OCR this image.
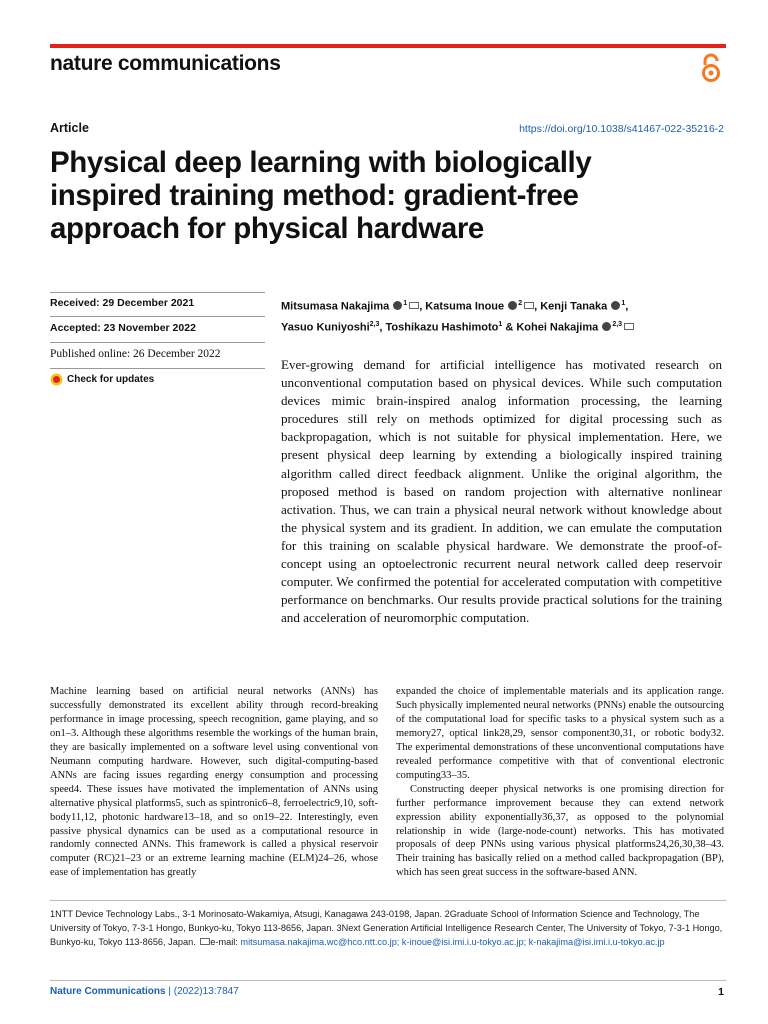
nature communications
Article	https://doi.org/10.1038/s41467-022-35216-2
Physical deep learning with biologically inspired training method: gradient-free approach for physical hardware
Received: 29 December 2021
Accepted: 23 November 2022
Published online: 26 December 2022
Check for updates
Mitsumasa Nakajima $^1$ , Katsuma Inoue $^2$ , Kenji Tanaka $^1$,
Yasuo Kuniyoshi$^{2,3}$, Toshikazu Hashimoto$^1$ & Kohei Nakajima $^{2,3}$

Ever-growing demand for artificial intelligence has motivated research on unconventional computation based on physical devices. While such computation devices mimic brain-inspired analog information processing, the learning procedures still rely on methods optimized for digital processing such as backpropagation, which is not suitable for physical implementation. Here, we present physical deep learning by extending a biologically inspired training algorithm called direct feedback alignment. Unlike the original algorithm, the proposed method is based on random projection with alternative nonlinear activation. Thus, we can train a physical neural network without knowledge about the physical system and its gradient. In addition, we can emulate the computation for this training on scalable physical hardware. We demonstrate the proof-of-concept using an optoelectronic recurrent neural network called deep reservoir computer. We confirmed the potential for accelerated computation with competitive performance on benchmarks. Our results provide practical solutions for the training and acceleration of neuromorphic computation.

Machine learning based on artificial neural networks (ANNs) has successfully demonstrated its excellent ability through record-breaking performance in image processing, speech recognition, game playing, and so on1–3. Although these algorithms resemble the workings of the human brain, they are basically implemented on a software level using conventional von Neumann computing hardware. However, such digital-computing-based ANNs are facing issues regarding energy consumption and processing speed4. These issues have motivated the implementation of ANNs using alternative physical platforms5, such as spintronic6–8, ferroelectric9,10, soft-body11,12, photonic hardware13–18, and so on19–22. Interestingly, even passive physical dynamics can be used as a computational resource in randomly connected ANNs. This framework is called a physical reservoir computer (RC)21–23 or an extreme learning machine (ELM)24–26, whose ease of implementation has greatly

expanded the choice of implementable materials and its application range. Such physically implemented neural networks (PNNs) enable the outsourcing of the computational load for specific tasks to a physical system such as a memory27, optical link28,29, sensor component30,31, or robotic body32. The experimental demonstrations of these unconventional computations have revealed performance competitive with that of conventional electronic computing33–35.

Constructing deeper physical networks is one promising direction for further performance improvement because they can extend network expression ability exponentially36,37, as opposed to the polynomial relationship in wide (large-node-count) networks. This has motivated proposals of deep PNNs using various physical platforms24,26,30,38–43. Their training has basically relied on a method called backpropagation (BP), which has seen great success in the software-based ANN.

1NTT Device Technology Labs., 3-1 Morinosato-Wakamiya, Atsugi, Kanagawa 243-0198, Japan. 2Graduate School of Information Science and Technology, The University of Tokyo, 7-3-1 Hongo, Bunkyo-ku, Tokyo 113-8656, Japan. 3Next Generation Artificial Intelligence Research Center, The University of Tokyo, 7-3-1 Hongo, Bunkyo-ku, Tokyo 113-8656, Japan. e-mail: mitsumasa.nakajima.wc@hco.ntt.co.jp; k-inoue@isi.imi.i.u-tokyo.ac.jp; k-nakajima@isi.imi.i.u-tokyo.ac.jp
Nature Communications | (2022)13:7847	1
